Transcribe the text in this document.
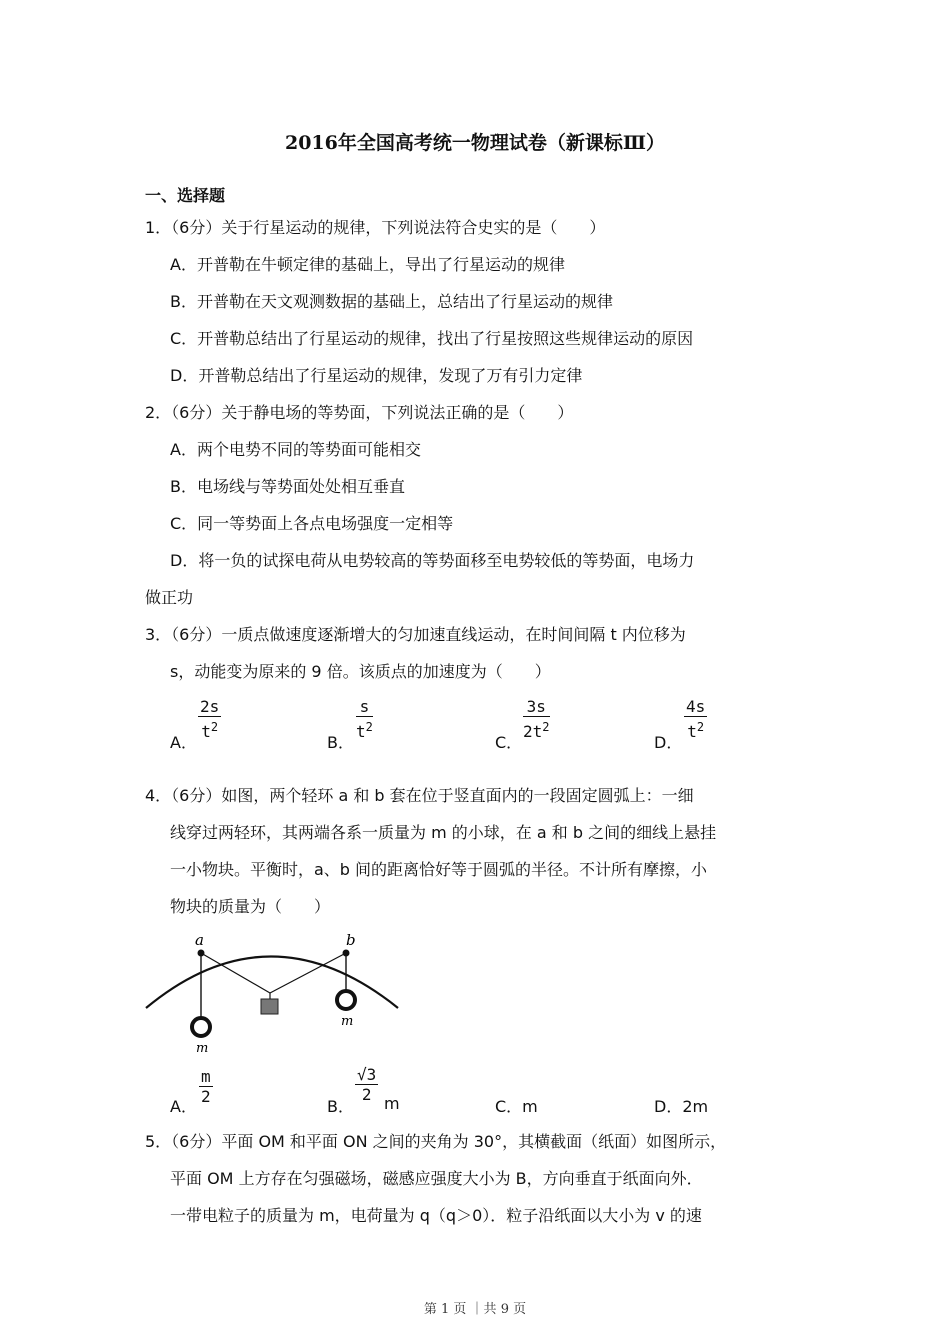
2016年全国高考统一物理试卷（新课标Ⅲ）
一、选择题
1．（6分）关于行星运动的规律，下列说法符合史实的是（　　）
A．开普勒在牛顿定律的基础上，导出了行星运动的规律
B．开普勒在天文观测数据的基础上，总结出了行星运动的规律
C．开普勒总结出了行星运动的规律，找出了行星按照这些规律运动的原因
D．开普勒总结出了行星运动的规律，发现了万有引力定律
2．（6分）关于静电场的等势面，下列说法正确的是（　　）
A．两个电势不同的等势面可能相交
B．电场线与等势面处处相互垂直
C．同一等势面上各点电场强度一定相等
D．将一负的试探电荷从电势较高的等势面移至电势较低的等势面，电场力
做正功
3．（6分）一质点做速度逐渐增大的匀加速直线运动，在时间间隔 t 内位移为
s，动能变为原来的 9 倍。该质点的加速度为（　　）
A．
$\frac{2s}{t^2}$
B．
$\frac{s}{t^2}$
C．
$\frac{3s}{2t^2}$
D．
$\frac{4s}{t^2}$
4．（6分）如图，两个轻环 a 和 b 套在位于竖直面内的一段固定圆弧上：一细
线穿过两轻环，其两端各系一质量为 m 的小球，在 a 和 b 之间的细线上悬挂
一小物块。平衡时，a、b 间的距离恰好等于圆弧的半径。不计所有摩擦，小
物块的质量为（　　）
a	b
m
m
A． $\frac{m}{2}$	B．
$\frac{√3}{2}$ m	C．m	D．2m
5．（6分）平面 OM 和平面 ON 之间的夹角为 30°，其横截面（纸面）如图所示，
平面 OM 上方存在匀强磁场，磁感应强度大小为 B，方向垂直于纸面向外．
一带电粒子的质量为 m，电荷量为 q（q＞0）．粒子沿纸面以大小为 v 的速
第 1 页 ｜共 9 页
